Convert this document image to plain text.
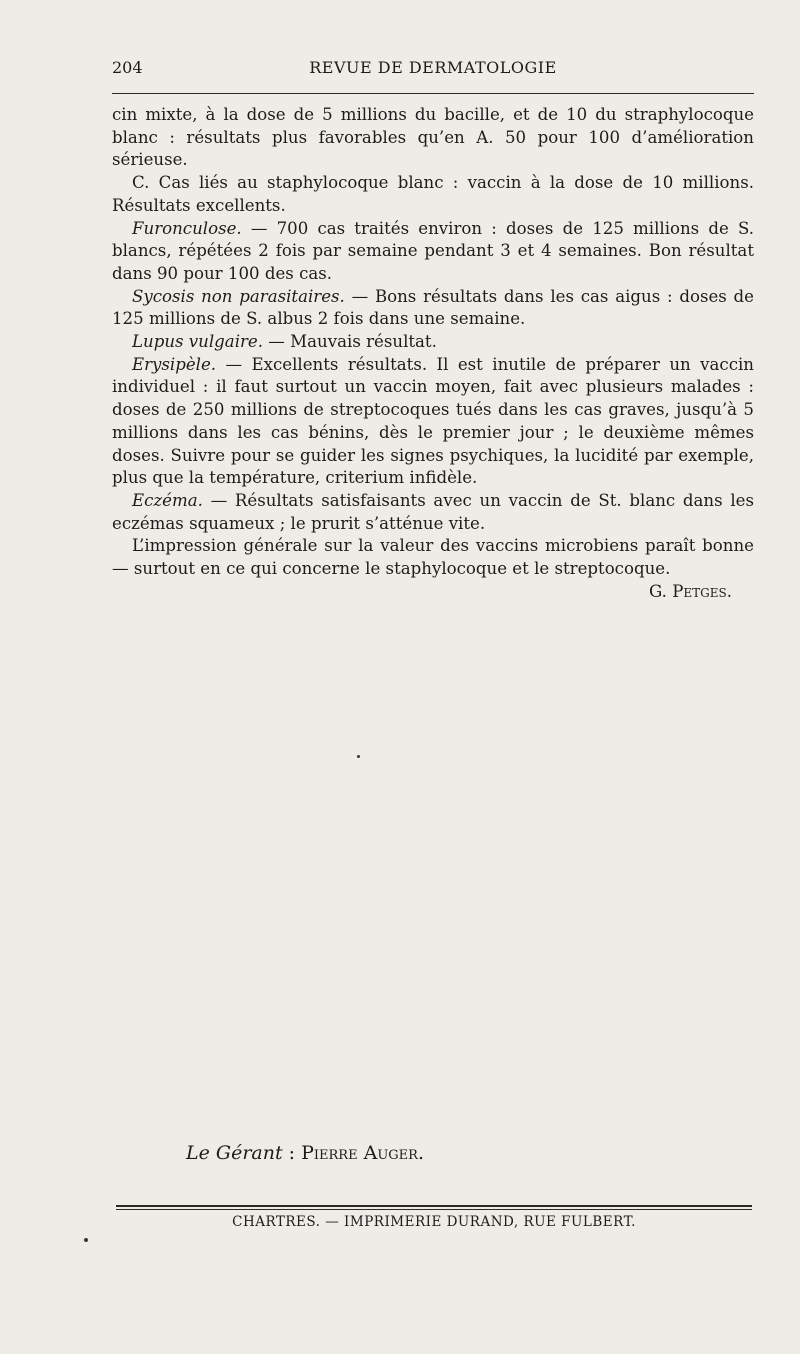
204	REVUE DE DERMATOLOGIE

cin mixte, à la dose de 5 millions du bacille, et de 10 du straphylocoque blanc : résultats plus favorables qu’en A. 50 pour 100 d’amélioration sérieuse.

C. Cas liés au staphylocoque blanc : vaccin à la dose de 10 millions. Résultats excellents.

Furonculose. — 700 cas traités environ : doses de 125 millions de S. blancs, répétées 2 fois par semaine pendant 3 et 4 semaines. Bon résultat dans 90 pour 100 des cas.

Sycosis non parasitaires. — Bons résultats dans les cas aigus : doses de 125 millions de S. albus 2 fois dans une semaine.

Lupus vulgaire. — Mauvais résultat.

Erysipèle. — Excellents résultats. Il est inutile de préparer un vaccin individuel : il faut surtout un vaccin moyen, fait avec plusieurs malades : doses de 250 millions de streptocoques tués dans les cas graves, jusqu’à 5 millions dans les cas bénins, dès le premier jour ; le deuxième mêmes doses. Suivre pour se guider les signes psychiques, la lucidité par exemple, plus que la température, criterium infidèle.

Eczéma. — Résultats satisfaisants avec un vaccin de St. blanc dans les eczémas squameux ; le prurit s’atténue vite.

L’impression générale sur la valeur des vaccins microbiens paraît bonne — surtout en ce qui concerne le staphylocoque et le streptocoque.

G. Petges.

Le Gérant : Pierre Auger.
CHARTRES. — IMPRIMERIE DURAND, RUE FULBERT.
